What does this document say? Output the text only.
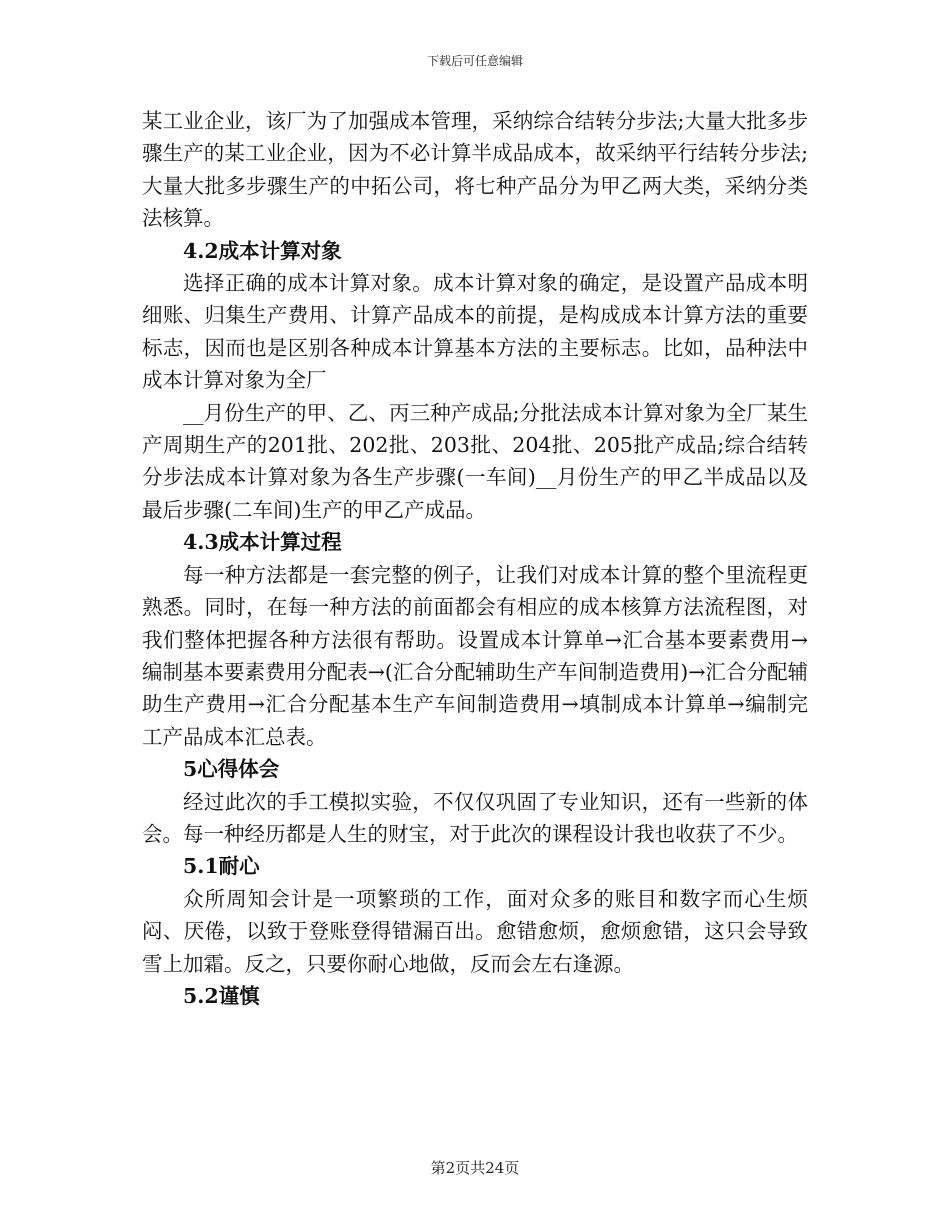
下载后可任意编辑

某工业企业，该厂为了加强成本管理，采纳综合结转分步法;大量大批多步骤生产的某工业企业，因为不必计算半成品成本，故采纳平行结转分步法;大量大批多步骤生产的中拓公司，将七种产品分为甲乙两大类，采纳分类法核算。

4.2成本计算对象

选择正确的成本计算对象。成本计算对象的确定，是设置产品成本明细账、归集生产费用、计算产品成本的前提，是构成成本计算方法的重要标志，因而也是区别各种成本计算基本方法的主要标志。比如，品种法中成本计算对象为全厂

__月份生产的甲、乙、丙三种产成品;分批法成本计算对象为全厂某生产周期生产的201批、202批、203批、204批、205批产成品;综合结转分步法成本计算对象为各生产步骤(一车间)__月份生产的甲乙半成品以及最后步骤(二车间)生产的甲乙产成品。

4.3成本计算过程

每一种方法都是一套完整的例子，让我们对成本计算的整个里流程更熟悉。同时，在每一种方法的前面都会有相应的成本核算方法流程图，对我们整体把握各种方法很有帮助。设置成本计算单→汇合基本要素费用→编制基本要素费用分配表→(汇合分配辅助生产车间制造费用)→汇合分配辅助生产费用→汇合分配基本生产车间制造费用→填制成本计算单→编制完工产品成本汇总表。

5心得体会

经过此次的手工模拟实验，不仅仅巩固了专业知识，还有一些新的体会。每一种经历都是人生的财宝，对于此次的课程设计我也收获了不少。

5.1耐心

众所周知会计是一项繁琐的工作，面对众多的账目和数字而心生烦闷、厌倦，以致于登账登得错漏百出。愈错愈烦，愈烦愈错，这只会导致雪上加霜。反之，只要你耐心地做，反而会左右逢源。

5.2谨慎
第2页共24页
